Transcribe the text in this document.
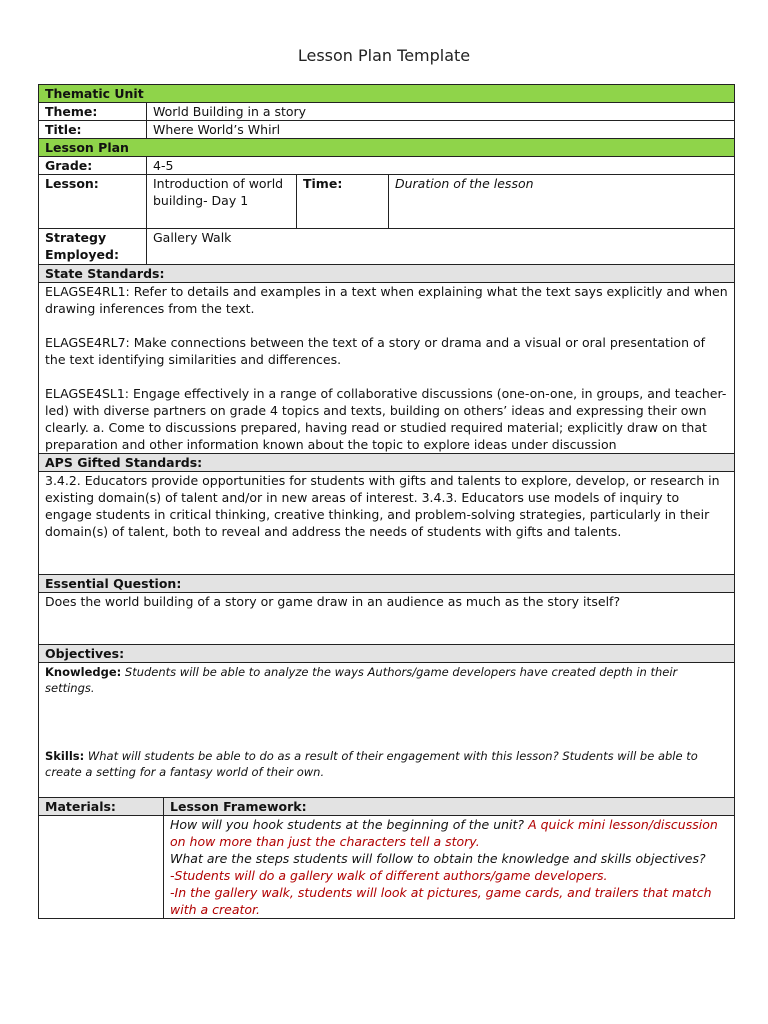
Lesson Plan Template
Thematic Unit				
Theme:	World Building in a story			
Title:	Where World’s Whirl			
Lesson Plan				
Grade:	4-5			
Lesson:	Introduction of world building- Day 1		Time:	Duration of the lesson
Strategy Employed:	Gallery Walk			
State Standards:				

ELAGSE4RL1: Refer to details and examples in a text when explaining what the text says explicitly and when drawing inferences from the text.

ELAGSE4RL7: Make connections between the text of a story or drama and a visual or oral presentation of the text identifying similarities and differences.

ELAGSE4SL1: Engage effectively in a range of collaborative discussions (one-on-one, in groups, and teacher-led) with diverse partners on grade 4 topics and texts, building on others’ ideas and expressing their own clearly. a. Come to discussions prepared, having read or studied required material; explicitly draw on that preparation and other information known about the topic to explore ideas under discussion				

APS Gifted Standards:				
3.4.2. Educators provide opportunities for students with gifts and talents to explore, develop, or research in existing domain(s) of talent and/or in new areas of interest. 3.4.3. Educators use models of inquiry to engage students in critical thinking, creative thinking, and problem-solving strategies, particularly in their domain(s) of talent, both to reveal and address the needs of students with gifts and talents.				
Essential Question:				
Does the world building of a story or game draw in an audience as much as the story itself?				
Objectives:				

Knowledge: Students will be able to analyze the ways Authors/game developers have created depth in their settings.
Skills: What will students be able to do as a result of their engagement with this lesson? Students will be able to create a setting for a fantasy world of their own.				

Materials:		Lesson Framework:		
		How will you hook students at the beginning of the unit? A quick mini lesson/discussion on how more than just the characters tell a story.
What are the steps students will follow to obtain the knowledge and skills objectives?
-Students will do a gallery walk of different authors/game developers.
-In the gallery walk, students will look at pictures, game cards, and trailers that match with a creator.		
